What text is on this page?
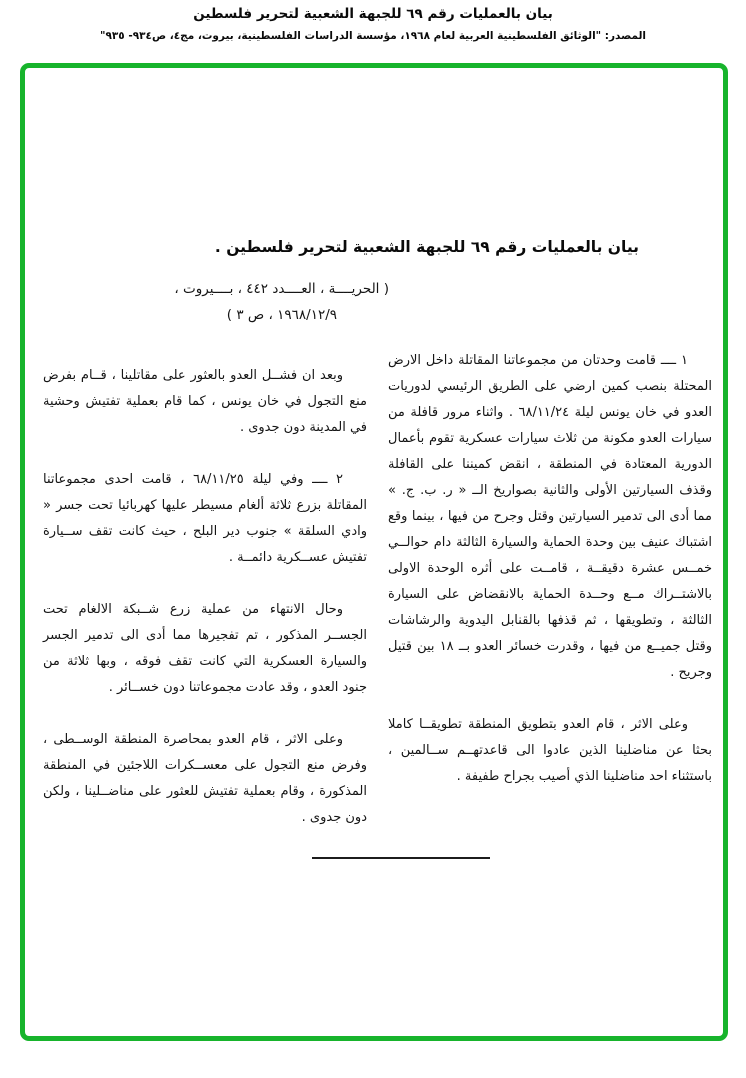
بيان بالعمليات رقم ٦٩ للجبهة الشعبية لتحرير فلسطين
المصدر: "الوثائق الفلسطينية العربية لعام ١٩٦٨، مؤسسة الدراسات الفلسطينية، بيروت، مج٤، ص٩٣٤- ٩٣٥"
بيان بالعمليات رقم ٦٩ للجبهة الشعبية لتحرير فلسطين .
( الحريــــة ، العــــدد ٤٤٢ ، بــــيروت ،
١٩٦٨/١٢/٩ ، ص ٣ )

١ ــــ قامت وحدتان من مجموعاتنا المقاتلة داخل الارض المحتلة بنصب كمين ارضي على الطريق الرئيسي لدوريات العدو في خان يونس ليلة ٦٨/١١/٢٤ . واثناء مرور قافلة من سيارات العدو مكونة من ثلاث سيارات عسكرية تقوم بأعمال الدورية المعتادة في المنطقة ، انقض كميننا على القافلة وقذف السيارتين الأولى والثانية بصواريخ الــ « ر. ب. ج. » مما أدى الى تدمير السيارتين وقتل وجرح من فيها ، بينما وقع اشتباك عنيف بين وحدة الحماية والسيارة الثالثة دام حوالــي خمــس عشرة دقيقــة ، قامــت على أثره الوحدة الاولى بالاشتــراك مــع وحــدة الحماية بالانقضاض على السيارة الثالثة ، وتطويقها ، ثم قذفها بالقنابل اليدوية والرشاشات وقتل جميــع من فيها ، وقدرت خسائر العدو بــ ١٨ بين قتيل وجريح .

وعلى الاثر ، قام العدو بتطويق المنطقة تطويقــا كاملا بحثا عن مناضلينا الذين عادوا الى قاعدتهــم ســالمين ، باستثناء احد مناضلينا الذي أصيب بجراح طفيفة .

وبعد ان فشــل العدو بالعثور على مقاتلينا ، قــام بفرض منع التجول في خان يونس ، كما قام بعملية تفتيش وحشية في المدينة دون جدوى .

٢ ــــ وفي ليلة ٦٨/١١/٢٥ ، قامت احدى مجموعاتنا المقاتلة بزرع ثلاثة ألغام مسيطر عليها كهربائيا تحت جسر « وادي السلقة » جنوب دير البلح ، حيث كانت تقف ســيارة تفتيش عســكرية دائمــة .

وحال الانتهاء من عملية زرع شــبكة الالغام تحت الجســر المذكور ، تم تفجيرها مما أدى الى تدمير الجسر والسيارة العسكرية التي كانت تقف فوقه ، وبها ثلاثة من جنود العدو ، وقد عادت مجموعاتنا دون خســائر .

وعلى الاثر ، قام العدو بمحاصرة المنطقة الوســطى ، وفرض منع التجول على معســكرات اللاجئين في المنطقة المذكورة ، وقام بعملية تفتيش للعثور على مناضــلينا ، ولكن دون جدوى .
